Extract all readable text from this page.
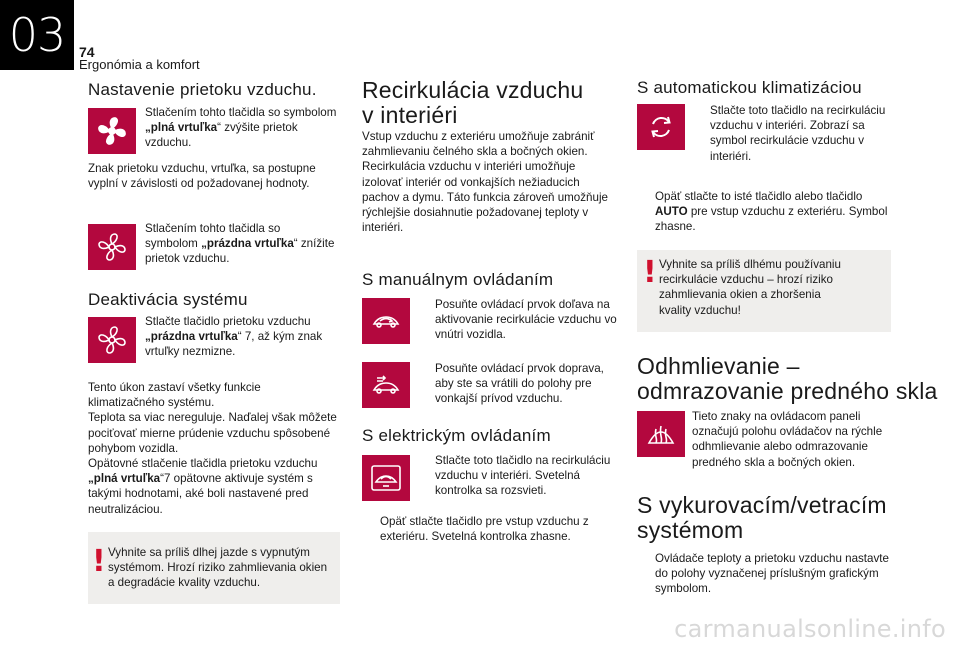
03 74
Ergonómia a komfort
Nastavenie prietoku vzduchu.
Stlačením tohto tlačidla so symbolom „plná vrtuľka“ zvýšite prietok vzduchu.
Znak prietoku vzduchu, vrtuľka, sa postupne vyplní v závislosti od požadovanej hodnoty.
Stlačením tohto tlačidla so symbolom „prázdna vrtuľka“ znížite prietok vzduchu.
Deaktivácia systému
Stlačte tlačidlo prietoku vzduchu „prázdna vrtuľka“ 7, až kým znak vrtuľky nezmizne.
Tento úkon zastaví všetky funkcie klimatizačného systému.
Teplota sa viac nereguluje. Naďalej však môžete pociťovať mierne prúdenie vzduchu spôsobené pohybom vozidla.
Opätovné stlačenie tlačidla prietoku vzduchu „plná vrtuľka“7 opätovne aktivuje systém s takými hodnotami, aké boli nastavené pred neutralizáciou.
! Vyhnite sa príliš dlhej jazde s vypnutým systémom. Hrozí riziko zahmlievania okien a degradácie kvality vzduchu.
Recirkulácia vzduchu
v interiéri
Vstup vzduchu z exteriéru umožňuje zabrániť zahmlievaniu čelného skla a bočných okien. Recirkulácia vzduchu v interiéri umožňuje izolovať interiér od vonkajších nežiaducich pachov a dymu. Táto funkcia zároveň umožňuje rýchlejšie dosiahnutie požadovanej teploty v interiéri.
S manuálnym ovládaním
Posuňte ovládací prvok doľava na aktivovanie recirkulácie vzduchu vo vnútri vozidla.
Posuňte ovládací prvok doprava, aby ste sa vrátili do polohy pre vonkajší prívod vzduchu.
S elektrickým ovládaním
Stlačte toto tlačidlo na recirkuláciu vzduchu v interiéri. Svetelná kontrolka sa rozsvieti.
Opäť stlačte tlačidlo pre vstup vzduchu z exteriéru. Svetelná kontrolka zhasne.
S automatickou klimatizáciou
Stlačte toto tlačidlo na recirkuláciu vzduchu v interiéri. Zobrazí sa symbol recirkulácie vzduchu v interiéri.
Opäť stlačte to isté tlačidlo alebo tlačidlo AUTO pre vstup vzduchu z exteriéru. Symbol zhasne.
! Vyhnite sa príliš dlhému používaniu recirkulácie vzduchu – hrozí riziko zahmlievania okien a zhoršenia kvality vzduchu!
Odhmlievanie –
odmrazovanie predného skla
Tieto znaky na ovládacom paneli označujú polohu ovládačov na rýchle odhmlievanie alebo odmrazovanie predného skla a bočných okien.
S vykurovacím/vetracím
systémom
Ovládače teploty a prietoku vzduchu nastavte do polohy vyznačenej príslušným grafickým symbolom.
carmanualsonline.info
